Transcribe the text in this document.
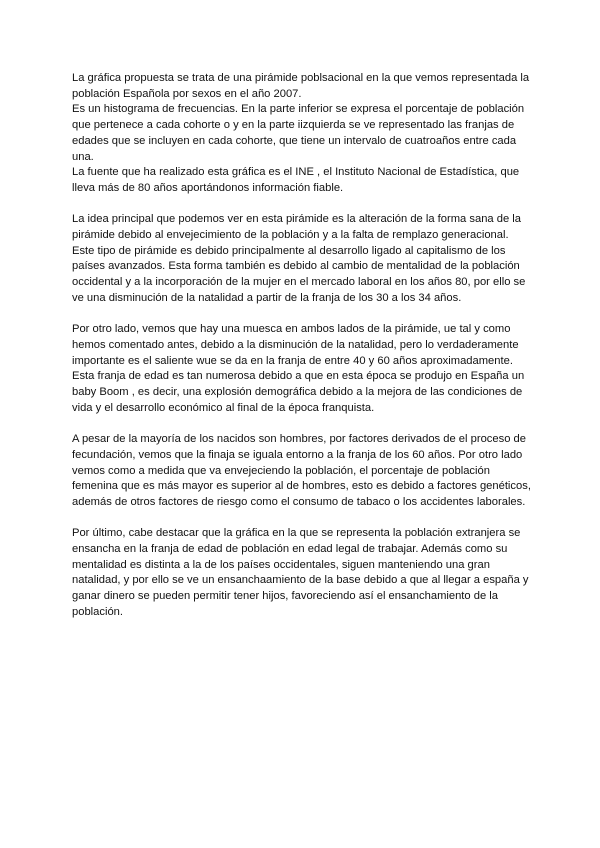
La gráfica propuesta se trata de una pirámide poblsacional en la que vemos representada la
población Española por sexos en el año 2007.
Es un histograma de frecuencias. En la parte inferior se expresa el porcentaje de población
que pertenece a cada cohorte o y en la parte iizquierda se ve representado las franjas de
edades que se incluyen en cada cohorte, que tiene un intervalo de cuatroaños entre cada
una.
La fuente que ha realizado esta gráfica es el INE , el Instituto Nacional de Estadística, que
lleva más de 80 años aportándonos información fiable.

La idea principal que podemos ver en esta pirámide es la alteración de la forma sana de la
pirámide debido al envejecimiento de la población y a la falta de remplazo generacional.
Este tipo de pirámide es debido principalmente al desarrollo ligado al capitalismo de los
países avanzados. Esta forma también es debido al cambio de mentalidad de la población
occidental y a la incorporación de la mujer en el mercado laboral en los años 80, por ello se
ve una disminución de la natalidad a partir de la franja de los 30 a los 34 años.

Por otro lado, vemos que hay una muesca en ambos lados de la pirámide, ue tal y como
hemos comentado antes, debido a la disminución de la natalidad, pero lo verdaderamente
importante es el saliente wue se da en la franja de entre 40 y 60 años aproximadamente.
Esta franja de edad es tan numerosa debido a que en esta época se produjo en España un
baby Boom , es decir, una explosión demográfica debido a la mejora de las condiciones de
vida y el desarrollo económico al final de la época franquista.

A pesar de la mayoría de los nacidos son hombres, por factores derivados de el proceso de
fecundación, vemos que la finaja se iguala entorno a la franja de los 60 años. Por otro lado
vemos como a medida que va envejeciendo la población, el porcentaje de población
femenina que es más mayor es superior al de hombres, esto es debido a factores genéticos,
además de otros factores de riesgo como el consumo de tabaco o los accidentes laborales.

Por último, cabe destacar que la gráfica en la que se representa la población extranjera se
ensancha en la franja de edad de población en edad legal de trabajar. Además como su
mentalidad es distinta a la de los países occidentales, siguen manteniendo una gran
natalidad, y por ello se ve un ensanchaamiento de la base debido a que al llegar a españa y
ganar dinero se pueden permitir tener hijos, favoreciendo así el ensanchamiento de la
población.
